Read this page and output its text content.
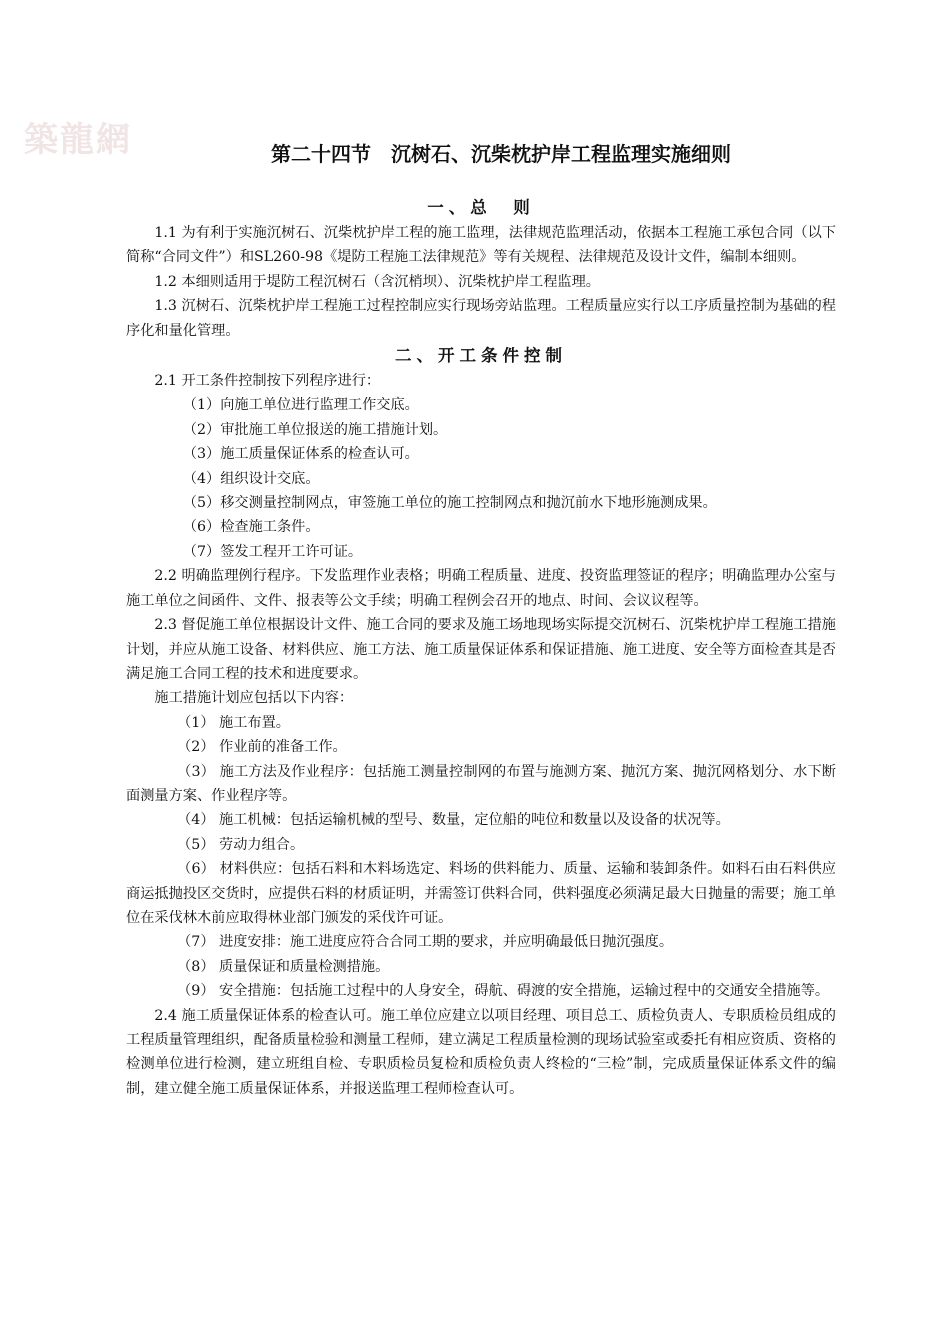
築龍網	第二十四节　沉树石、沉柴枕护岸工程监理实施细则
一、总　则

1.1 为有利于实施沉树石、沉柴枕护岸工程的施工监理，法律规范监理活动，依据本工程施工承包合同（以下简称“合同文件”）和SL260-98《堤防工程施工法律规范》等有关规程、法律规范及设计文件，编制本细则。

1.2 本细则适用于堤防工程沉树石（含沉梢坝）、沉柴枕护岸工程监理。

1.3 沉树石、沉柴枕护岸工程施工过程控制应实行现场旁站监理。工程质量应实行以工序质量控制为基础的程序化和量化管理。

二、开工条件控制

2.1 开工条件控制按下列程序进行：

（1）向施工单位进行监理工作交底。

（2）审批施工单位报送的施工措施计划。

（3）施工质量保证体系的检查认可。

（4）组织设计交底。

（5）移交测量控制网点，审签施工单位的施工控制网点和抛沉前水下地形施测成果。

（6）检查施工条件。

（7）签发工程开工许可证。

2.2 明确监理例行程序。下发监理作业表格；明确工程质量、进度、投资监理签证的程序；明确监理办公室与施工单位之间函件、文件、报表等公文手续；明确工程例会召开的地点、时间、会议议程等。

2.3 督促施工单位根据设计文件、施工合同的要求及施工场地现场实际提交沉树石、沉柴枕护岸工程施工措施计划，并应从施工设备、材料供应、施工方法、施工质量保证体系和保证措施、施工进度、安全等方面检查其是否满足施工合同工程的技术和进度要求。

施工措施计划应包括以下内容：

（1） 施工布置。

（2） 作业前的准备工作。

（3） 施工方法及作业程序：包括施工测量控制网的布置与施测方案、抛沉方案、抛沉网格划分、水下断面测量方案、作业程序等。

（4） 施工机械：包括运输机械的型号、数量，定位船的吨位和数量以及设备的状况等。

（5） 劳动力组合。

（6） 材料供应：包括石料和木料场选定、料场的供料能力、质量、运输和装卸条件。如料石由石料供应商运抵抛投区交货时，应提供石料的材质证明，并需签订供料合同，供料强度必须满足最大日抛量的需要；施工单位在采伐林木前应取得林业部门颁发的采伐许可证。

（7） 进度安排：施工进度应符合合同工期的要求，并应明确最低日抛沉强度。

（8） 质量保证和质量检测措施。

（9） 安全措施：包括施工过程中的人身安全，碍航、碍渡的安全措施，运输过程中的交通安全措施等。

2.4 施工质量保证体系的检查认可。施工单位应建立以项目经理、项目总工、质检负责人、专职质检员组成的工程质量管理组织，配备质量检验和测量工程师，建立满足工程质量检测的现场试验室或委托有相应资质、资格的检测单位进行检测，建立班组自检、专职质检员复检和质检负责人终检的“三检”制，完成质量保证体系文件的编制，建立健全施工质量保证体系，并报送监理工程师检查认可。
